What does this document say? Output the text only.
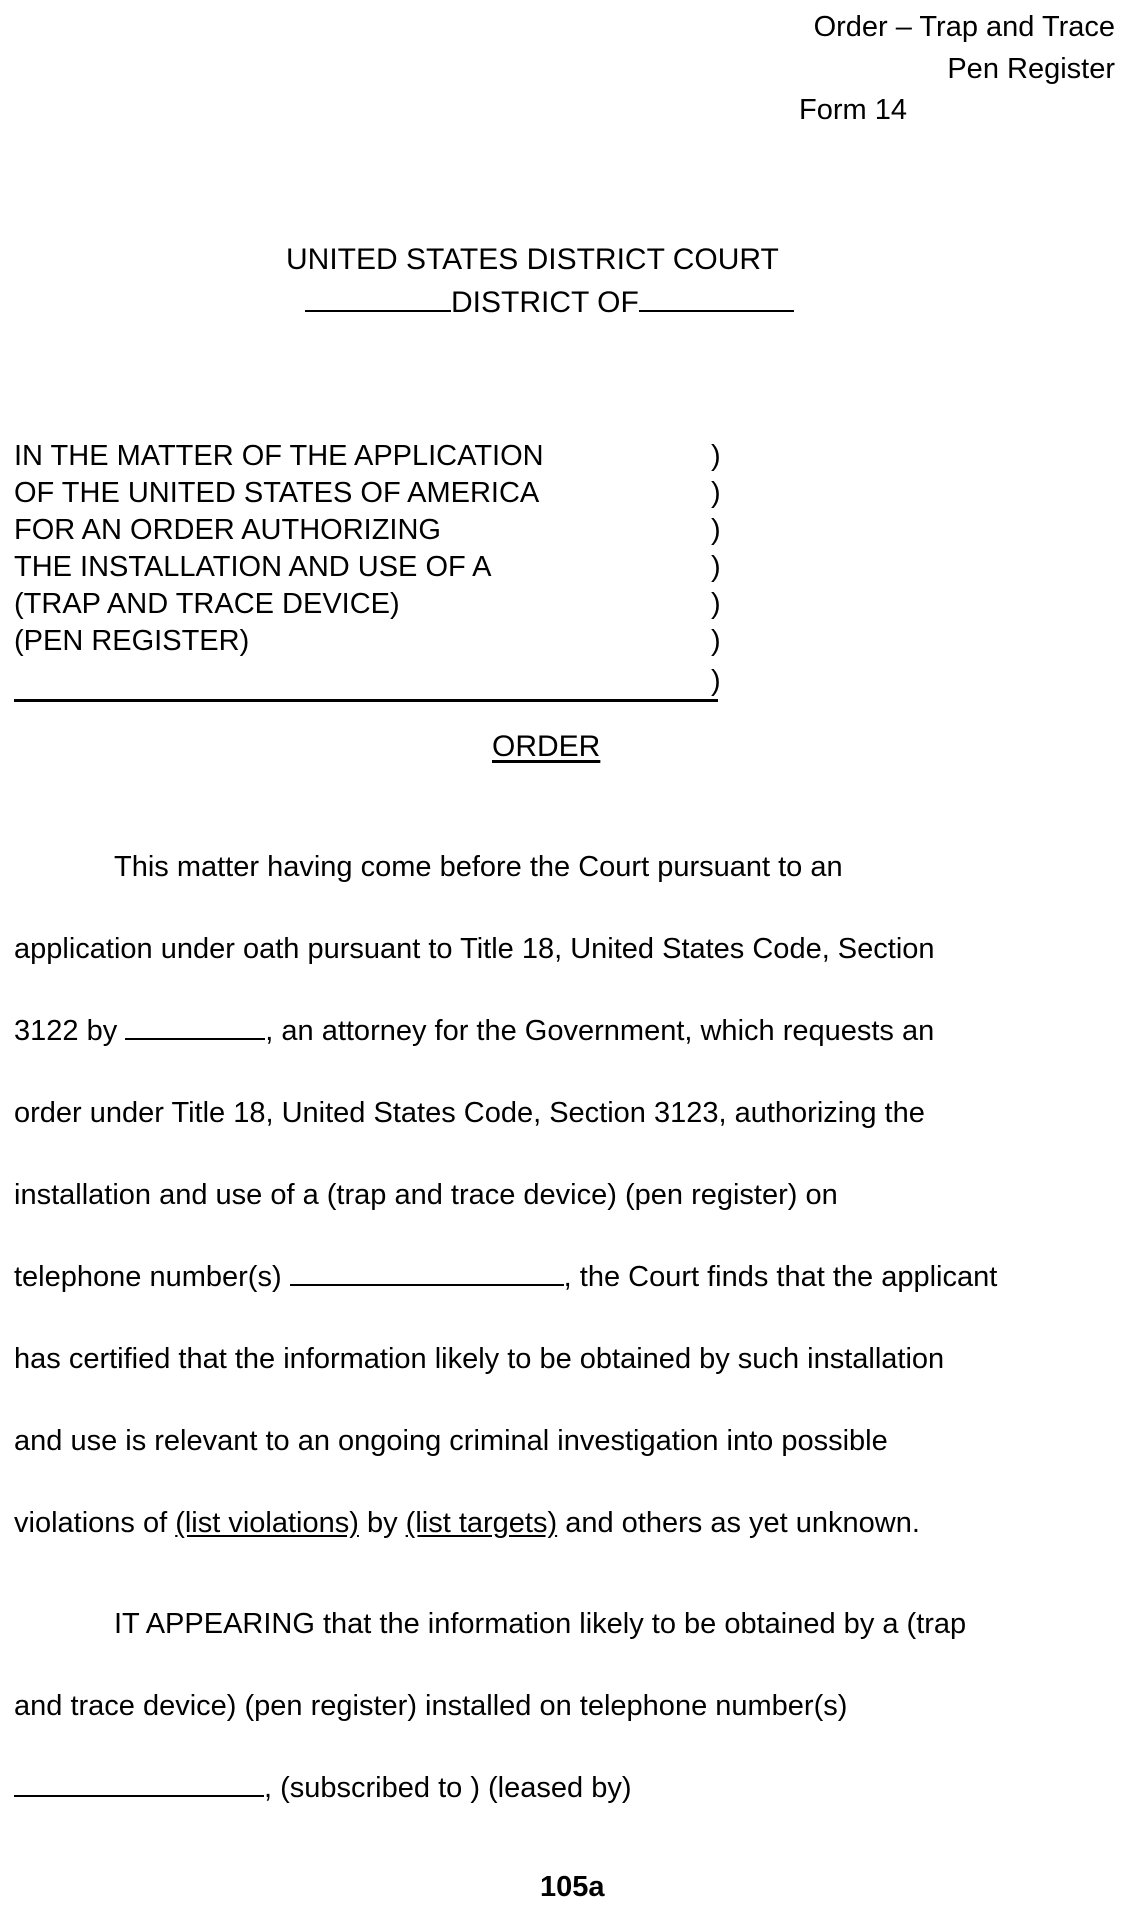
Order – Trap and Trace
Pen Register
Form 14
UNITED STATES DISTRICT COURT
DISTRICT OF
IN THE MATTER OF THE APPLICATION
OF THE UNITED STATES OF AMERICA
FOR AN ORDER AUTHORIZING
THE INSTALLATION AND USE OF A
(TRAP AND TRACE DEVICE)
(PEN REGISTER)
)
)
)
)
)
)
)
ORDER
This matter having come before the Court pursuant to an
application under oath pursuant to Title 18, United States Code, Section
3122 by	, an attorney for the Government, which requests an
order under Title 18, United States Code, Section 3123, authorizing the
installation and use of a (trap and trace device) (pen register) on
telephone number(s)	, the Court finds that the applicant
has certified that the information likely to be obtained by such installation
and use is relevant to an ongoing criminal investigation into possible
violations of (list violations) by (list targets) and others as yet unknown.
IT APPEARING that the information likely to be obtained by a (trap
and trace device) (pen register) installed on telephone number(s)
, (subscribed to ) (leased by)
105a
